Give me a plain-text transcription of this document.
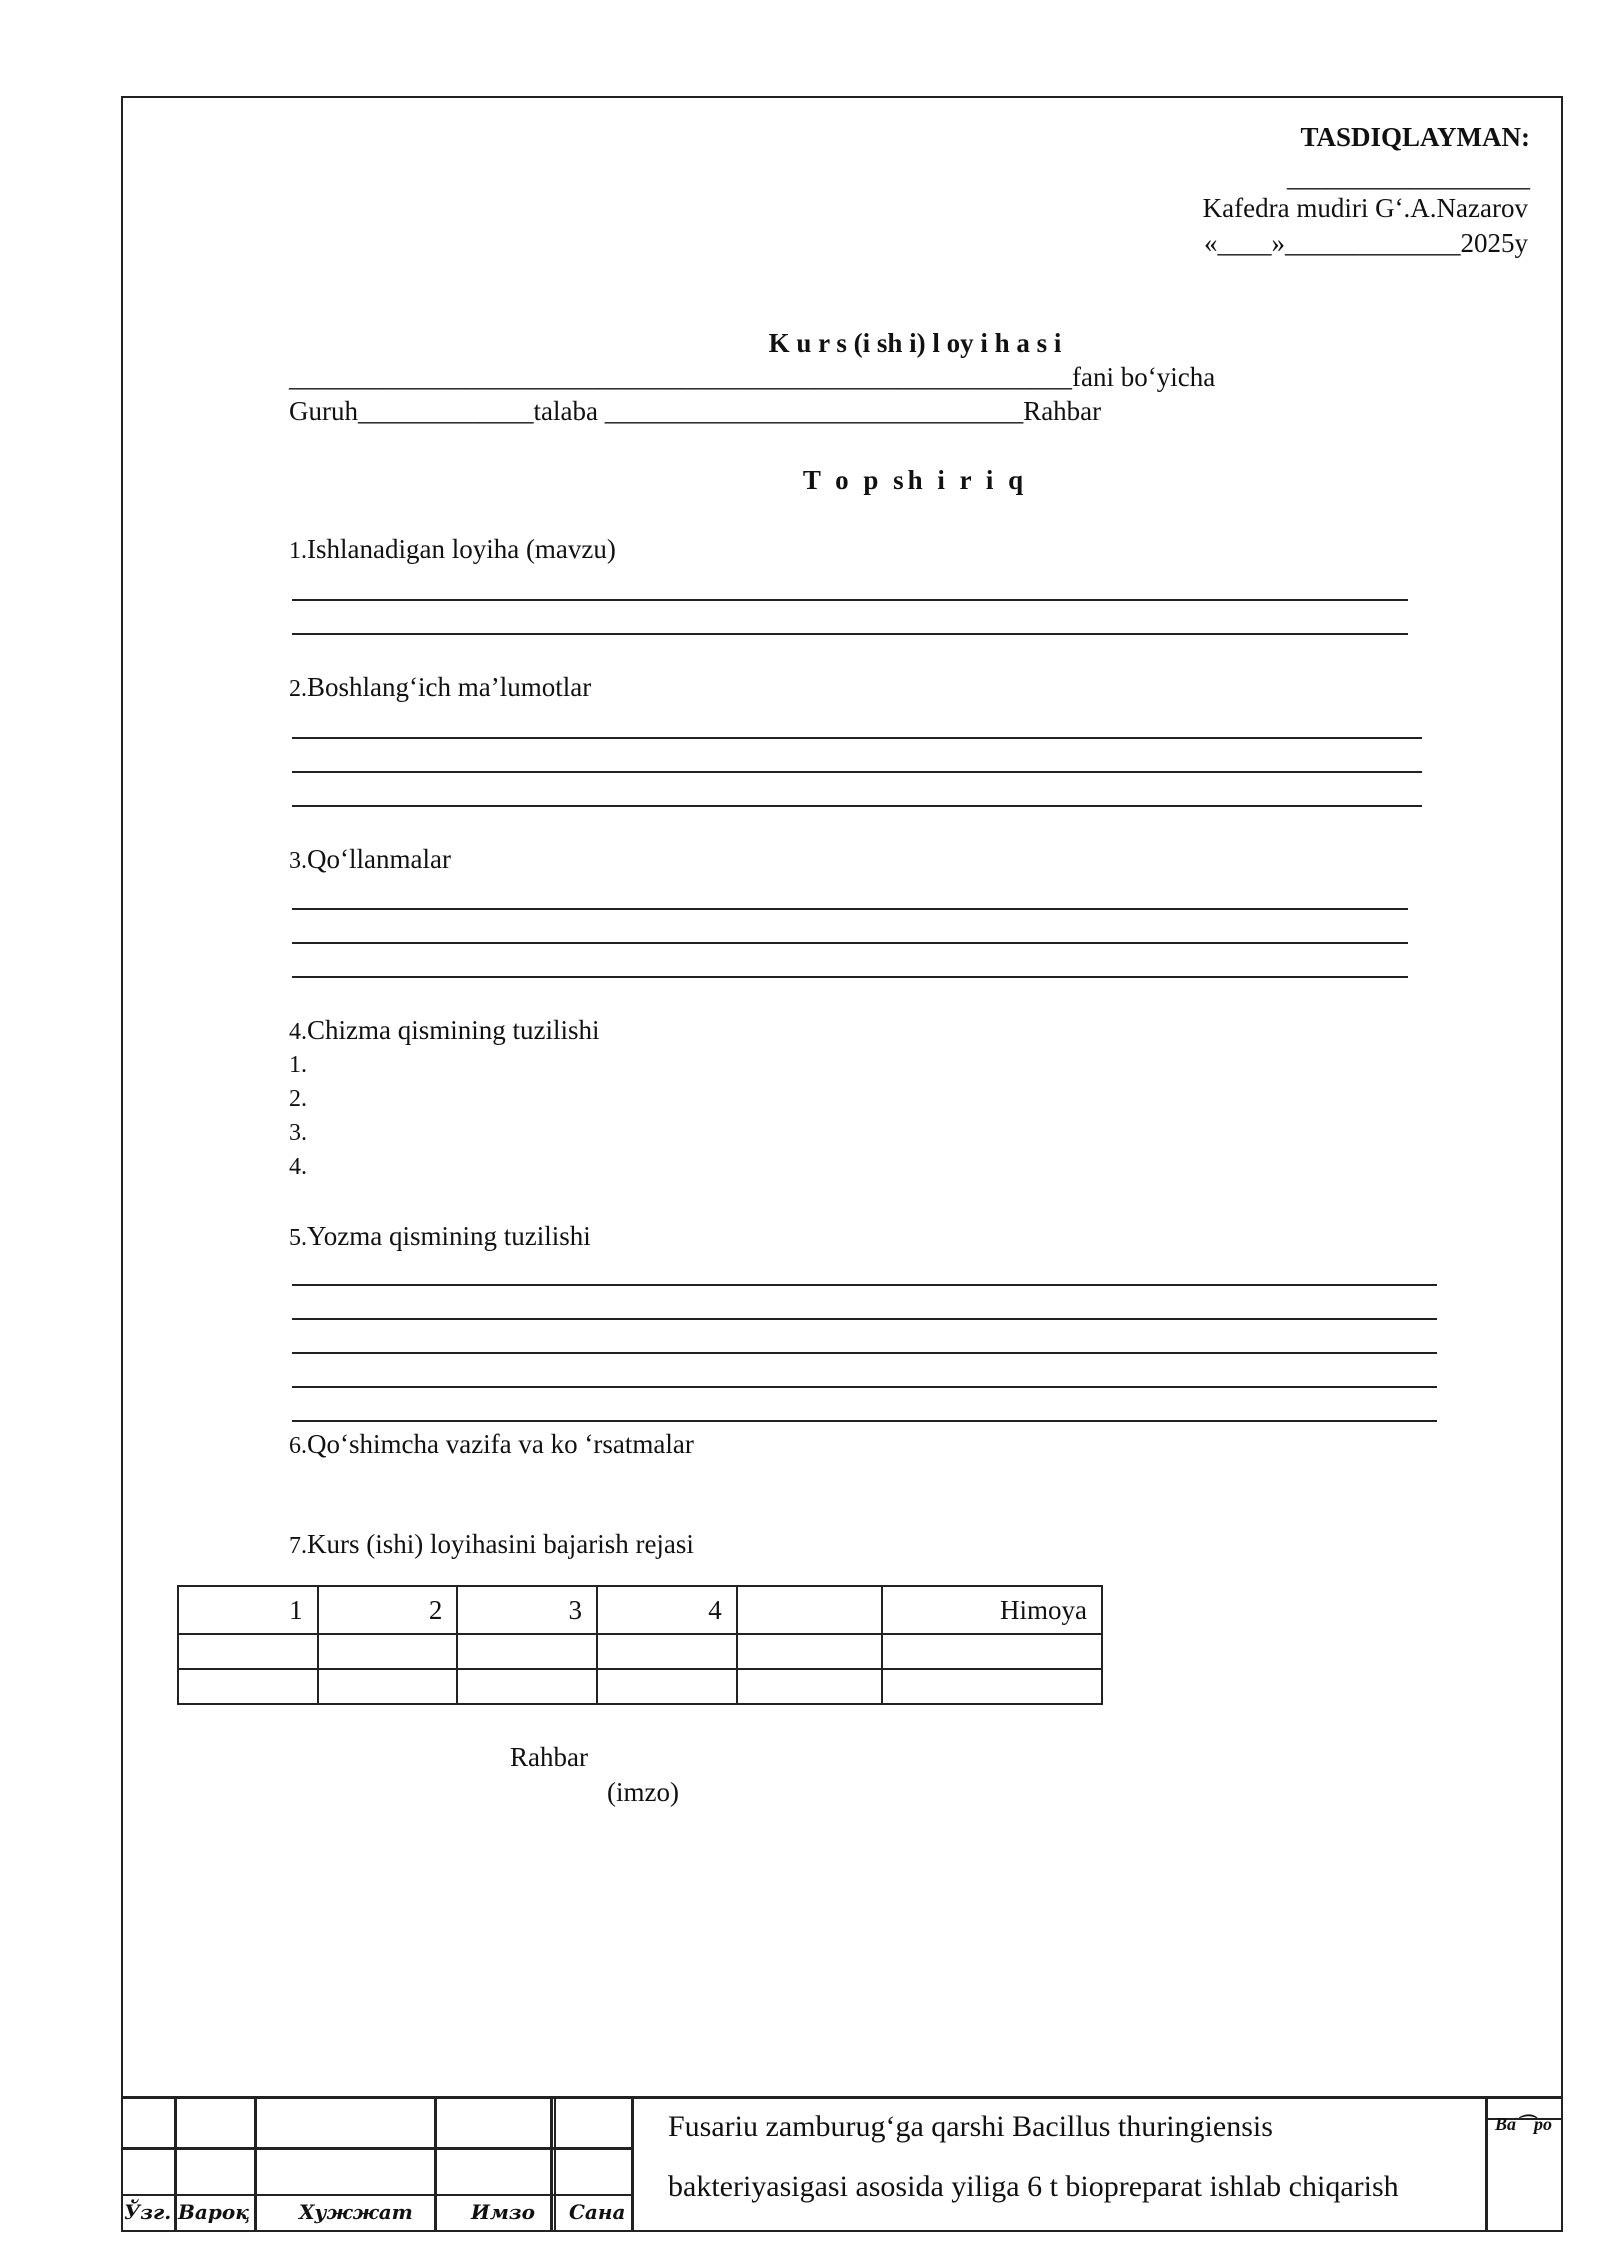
TASDIQLAYMAN:
__________________
Kafedra mudiri G‘.A.Nazarov
«____»_____________2025y
K u r s (i sh i) l oy i h a s i
__________________________________________________________fani bo‘yicha
Guruh_____________talaba _______________________________Rahbar
T o p sh i r i q
1.Ishlanadigan loyiha (mavzu)
2.Boshlang‘ich ma’lumotlar
3.Qo‘llanmalar
4.Chizma qismining tuzilishi
1.
2.
3.
4.
5.Yozma qismining tuzilishi
6.Qo‘shimcha vazifa va ko ‘rsatmalar
7.Kurs (ishi) loyihasini bajarish rejasi
1	2	3	4		Himoya

Rahbar
(imzo)
Ўзг. Варoқ Хужжат	Имзо Сана
Fusariu zamburug‘ga qarshi Bacillus thuringiensis
bakteriyasigasi asosida yiliga 6 t biopreparat ishlab chiqarish
Ва⌒ро
